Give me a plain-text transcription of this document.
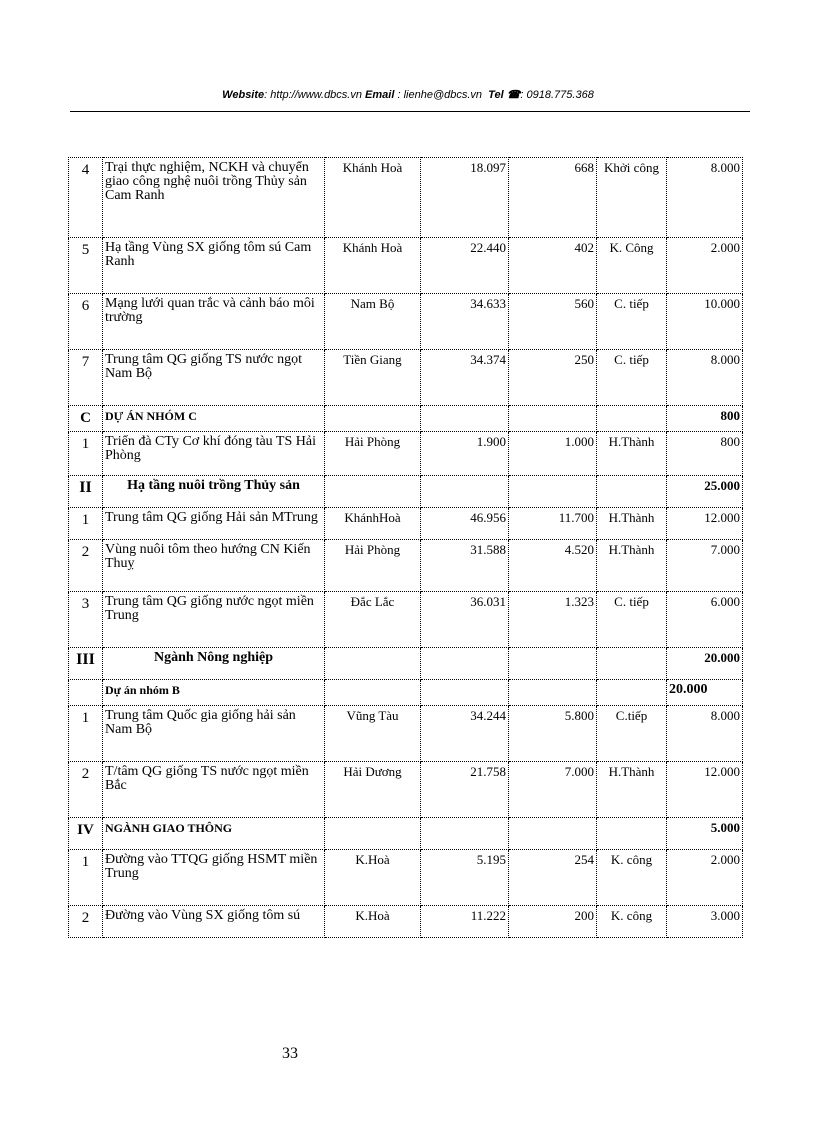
Website: http://www.dbcs.vn Email : lienhe@dbcs.vn Tel ☎: 0918.775.368
4	Trại thực nghiệm, NCKH và chuyển giao công nghệ nuôi trồng Thủy sản Cam Ranh	Khánh Hoà	18.097	668	Khởi công	8.000
5	Hạ tầng Vùng SX giống tôm sú Cam Ranh	Khánh Hoà	22.440	402	K. Công	2.000
6	Mạng lưới quan trắc và cảnh báo môi trường	Nam Bộ	34.633	560	C. tiếp	10.000
7	Trung tâm QG giống TS nước ngọt Nam Bộ	Tiền Giang	34.374	250	C. tiếp	8.000
C	DỰ ÁN NHÓM C					800
1	Triển đà CTy Cơ khí đóng tàu TS Hải Phòng	Hải Phòng	1.900	1.000	H.Thành	800
II	Hạ tầng nuôi trồng Thủy sản					25.000
1	Trung tâm QG giống Hải sản MTrung	KhánhHoà	46.956	11.700	H.Thành	12.000
2	Vùng nuôi tôm theo hướng CN Kiến Thuỵ	Hải Phòng	31.588	4.520	H.Thành	7.000
3	Trung tâm QG giống nước ngọt miền Trung	Đắc Lắc	36.031	1.323	C. tiếp	6.000
III	Ngành Nông nghiệp					20.000
	Dự án nhóm B					20.000
1	Trung tâm Quốc gia giống hải sản Nam Bộ	Vũng Tàu	34.244	5.800	C.tiếp	8.000
2	T/tâm QG giống TS nước ngọt miền Bắc	Hải Dương	21.758	7.000	H.Thành	12.000
IV	NGÀNH GIAO THÔNG					5.000
1	Đường vào TTQG giống HSMT miền Trung	K.Hoà	5.195	254	K. công	2.000
2	Đường vào Vùng SX giống tôm sú	K.Hoà	11.222	200	K. công	3.000
33
